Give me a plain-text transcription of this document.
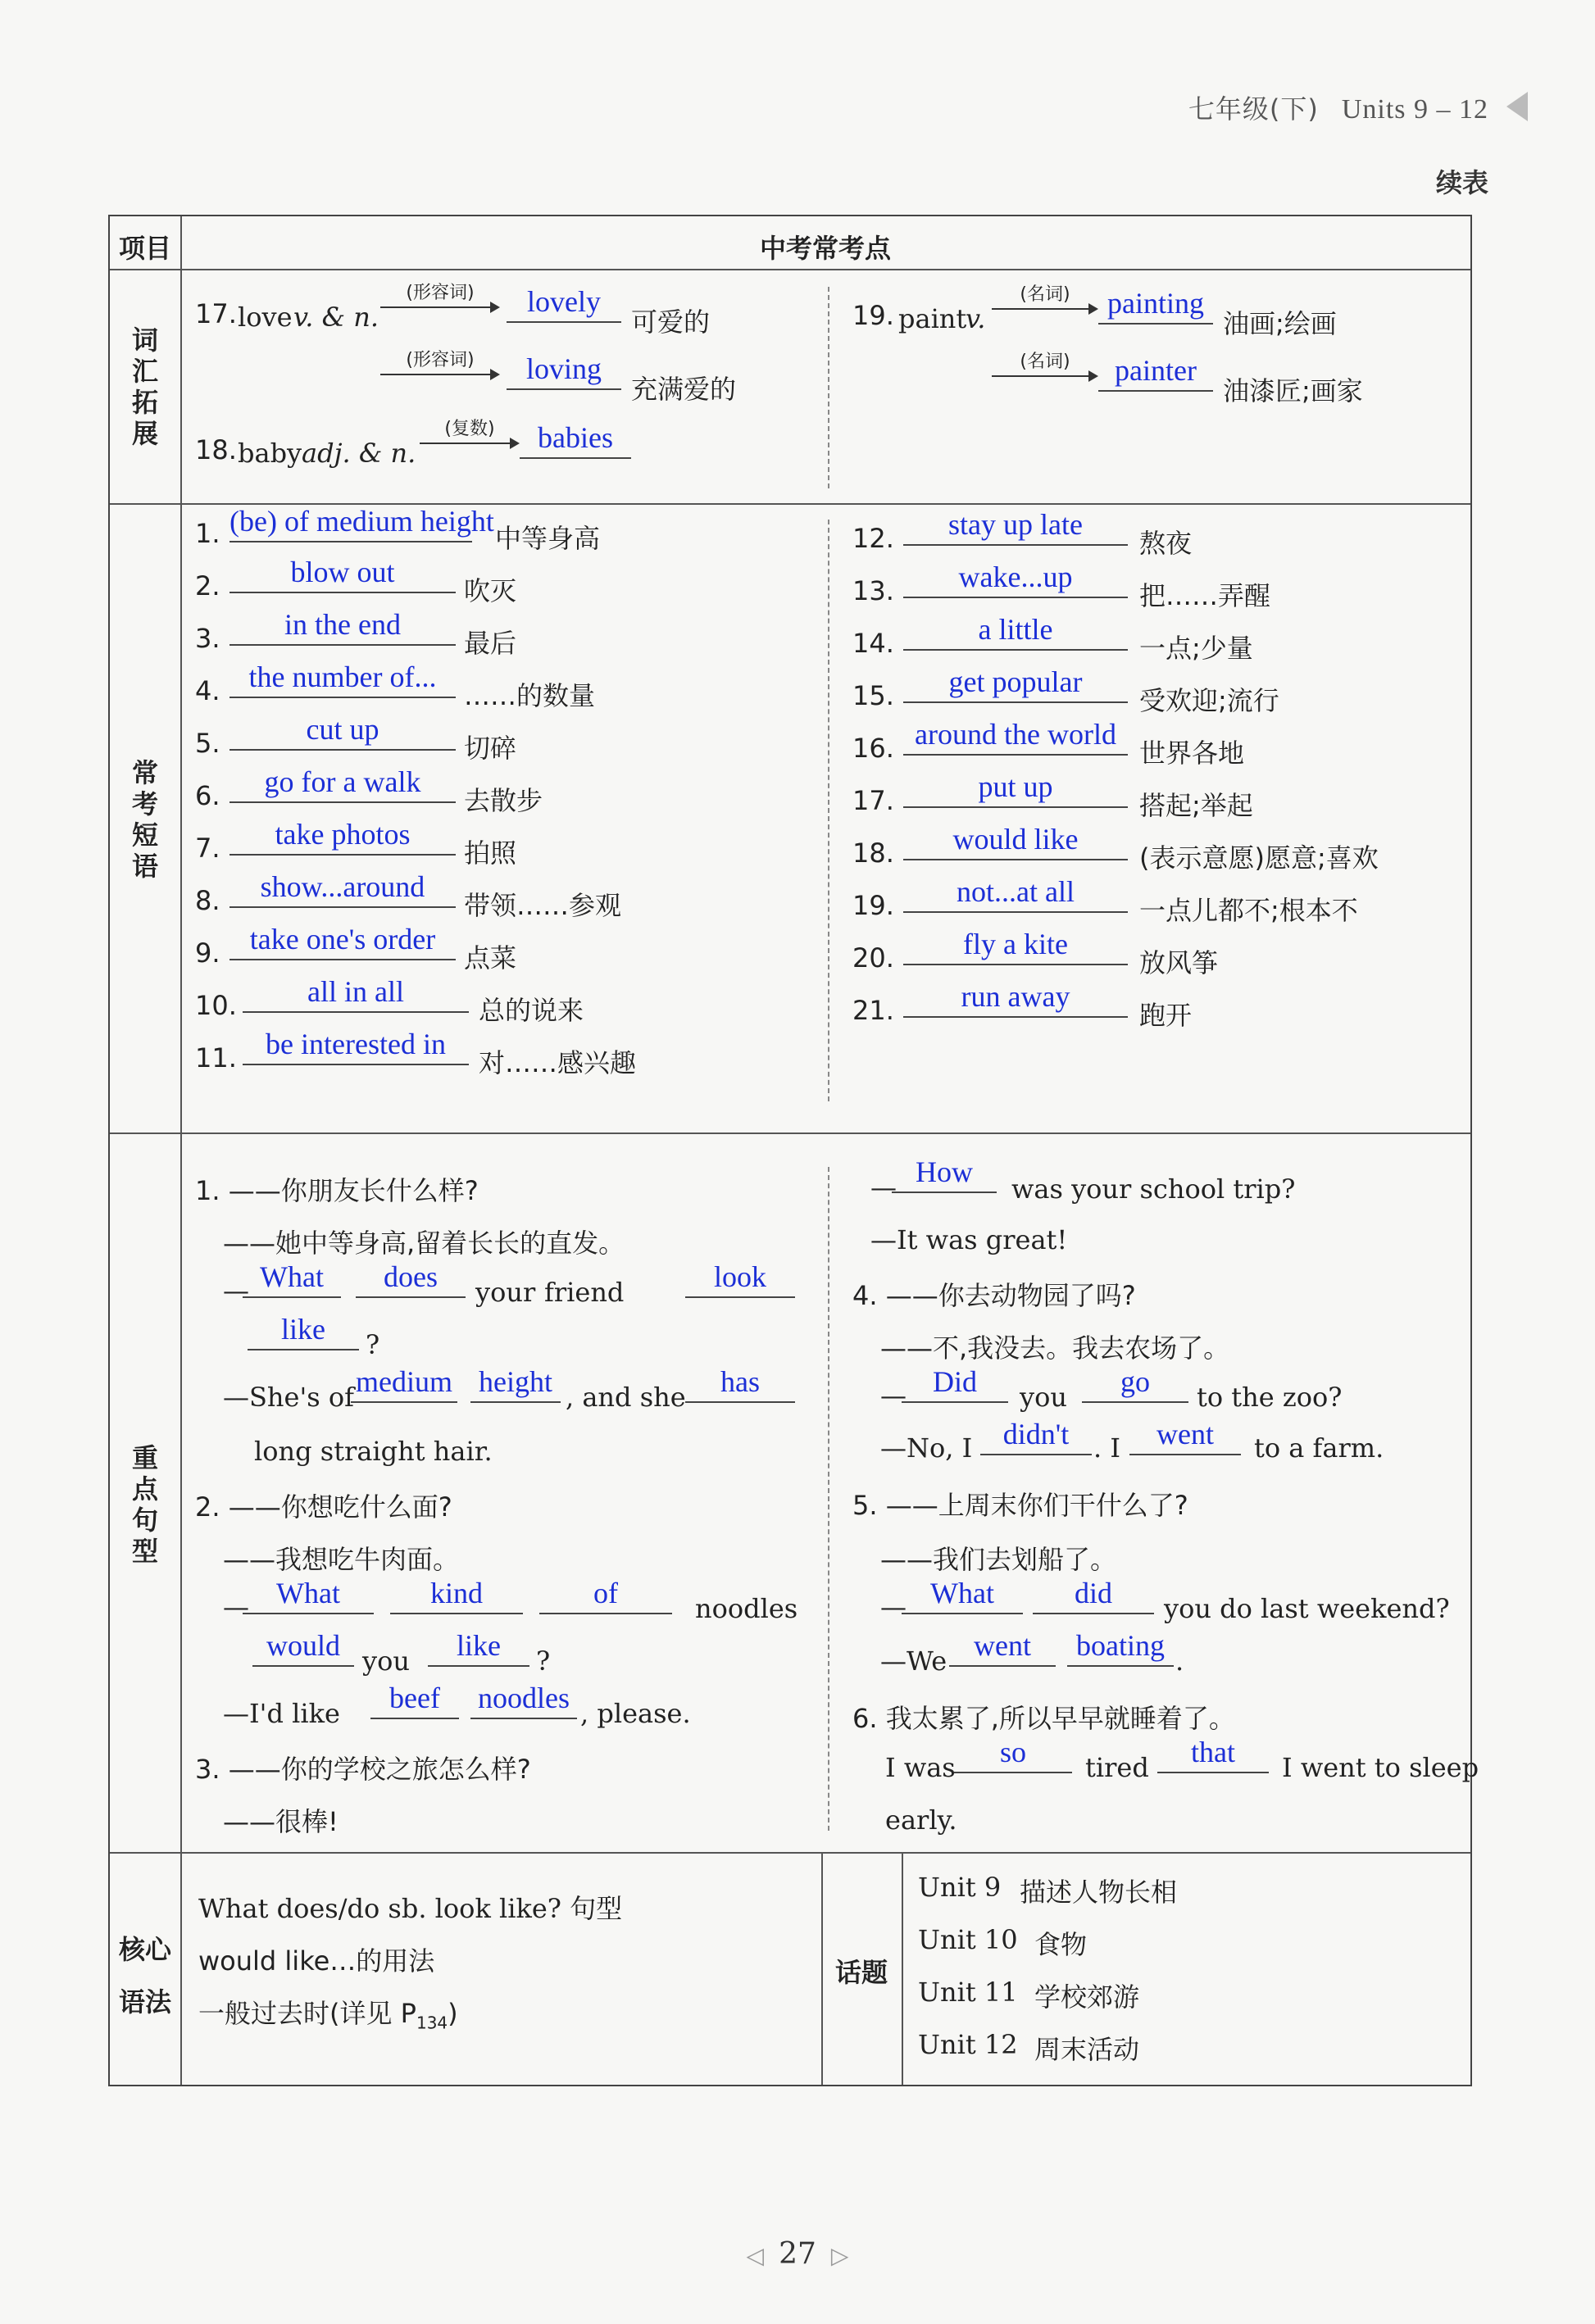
七年级(下) Units 9 – 12
续表
项目	中考常考点
词汇拓展
17. love v. & n.
(形容词)	lovely
可爱的
(形容词)	loving
充满爱的
18. baby adj. & n.
(复数)	babies
19. paint
v.
(名词)	painting
油画;绘画
(名词)	painter
油漆匠;画家
常考短语
1. (be) of medium height
中等身高
2.	blow out
吹灭
3.	in the end
最后
4. the number of...
……的数量
5.	cut up
切碎
6.	go for a walk
去散步
7.	take photos
拍照
8.	show...around
带领……参观
9.	take one's order
点菜
10.	all in all
总的说来
11. be interested in
对……感兴趣
12.	stay up late
熬夜
13.	wake...up
把……弄醒
14.	a little
一点;少量
15.	get popular
受欢迎;流行
16. around the world
世界各地
17.	put up
搭起;举起
18.	would like
(表示意愿)愿意;喜欢
19.	not...at all
一点儿都不;根本不
20.	fly a kite
放风筝
21.	run away
跑开
重点句型
1. ——你朋友长什么样?
——她中等身高,留着长长的直发。
— What	does	your friend	look
like	?
—She's of medium height , and she	has
long straight hair.
2. ——你想吃什么面?
——我想吃牛肉面。
— What	kind	of	noodles
would you	like	?
—I'd like	beef	noodles , please.
3. ——你的学校之旅怎么样?
——很棒!
— How
was your school trip?
—It was great!
4. ——你去动物园了吗?
——不,我没去。我去农场了。
— Did	you	go	to the zoo?
—No, I	didn't . I	went	to a farm.
5. ——上周末你们干什么了?
——我们去划船了。
— What	did	you do last weekend?
—We went	boating .
6. 我太累了,所以早早就睡着了。
I was	so	tired	that	I went to sleep
early.
核心
语法
What does/do sb. look like? 句型
would like…的用法
一般过去时(详见 $P_{134}$)
话题
Unit 9 描述人物长相
Unit 10 食物
Unit 11 学校郊游
Unit 12 周末活动
◁ 27 ▷
